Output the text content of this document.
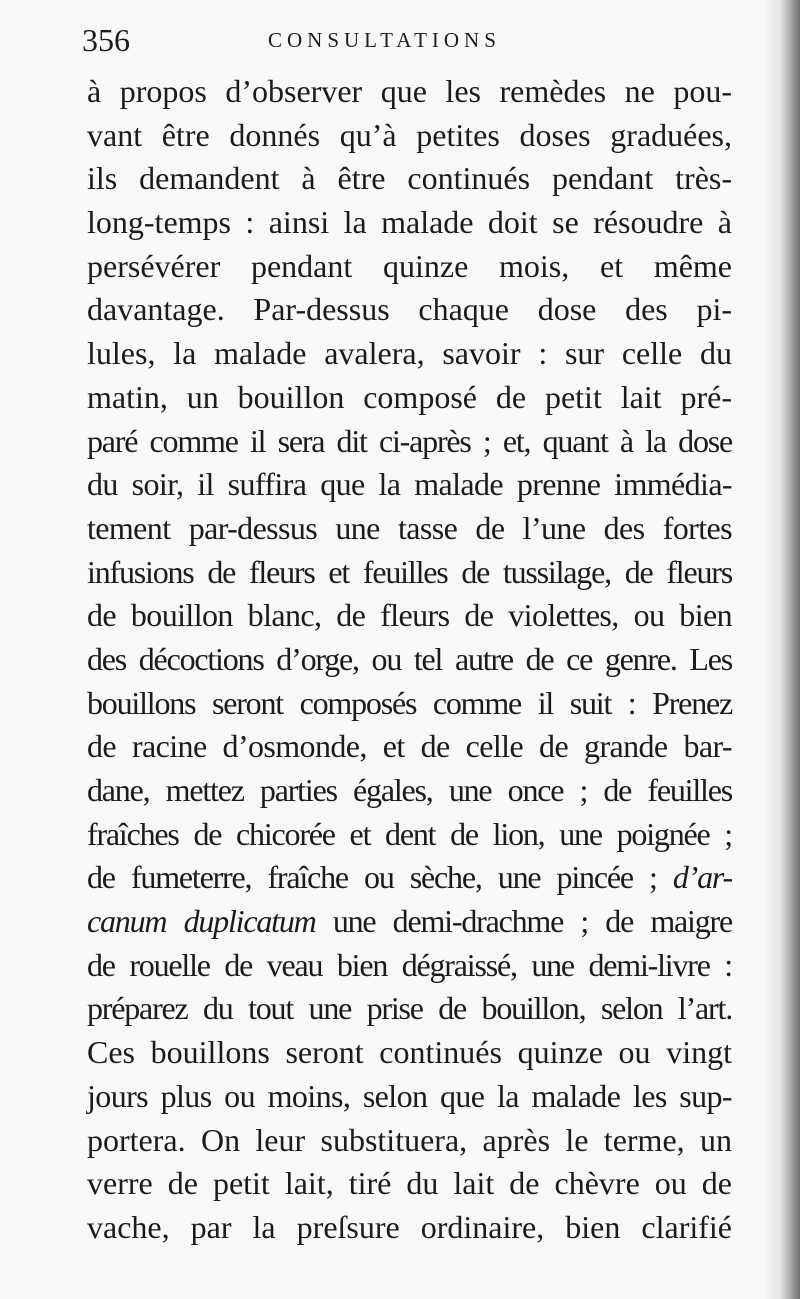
356	CONSULTATIONS
à propos d’observer que les remèdes ne pou-
vant être donnés qu’à petites doses graduées,
ils demandent à être continués pendant très-
long-temps : ainsi la malade doit se résoudre à
persévérer pendant quinze mois, et même
davantage. Par-dessus chaque dose des pi-
lules, la malade avalera, savoir : sur celle du
matin, un bouillon composé de petit lait pré-
paré comme il sera dit ci-après ; et, quant à la dose
du soir, il suffira que la malade prenne immédia-
tement par-dessus une tasse de l’une des fortes
infusions de fleurs et feuilles de tussilage, de fleurs
de bouillon blanc, de fleurs de violettes, ou bien
des décoctions d’orge, ou tel autre de ce genre. Les
bouillons seront composés comme il suit : Prenez
de racine d’osmonde, et de celle de grande bar-
dane, mettez parties égales, une once ; de feuilles
fraîches de chicorée et dent de lion, une poignée ;
de fumeterre, fraîche ou sèche, une pincée ; d’ar-
canum duplicatum une demi-drachme ; de maigre
de rouelle de veau bien dégraissé, une demi-livre :
préparez du tout une prise de bouillon, selon l’art.
Ces bouillons seront continués quinze ou vingt
jours plus ou moins, selon que la malade les sup-
portera. On leur substituera, après le terme, un
verre de petit lait, tiré du lait de chèvre ou de
vache, par la preſsure ordinaire, bien clarifié
